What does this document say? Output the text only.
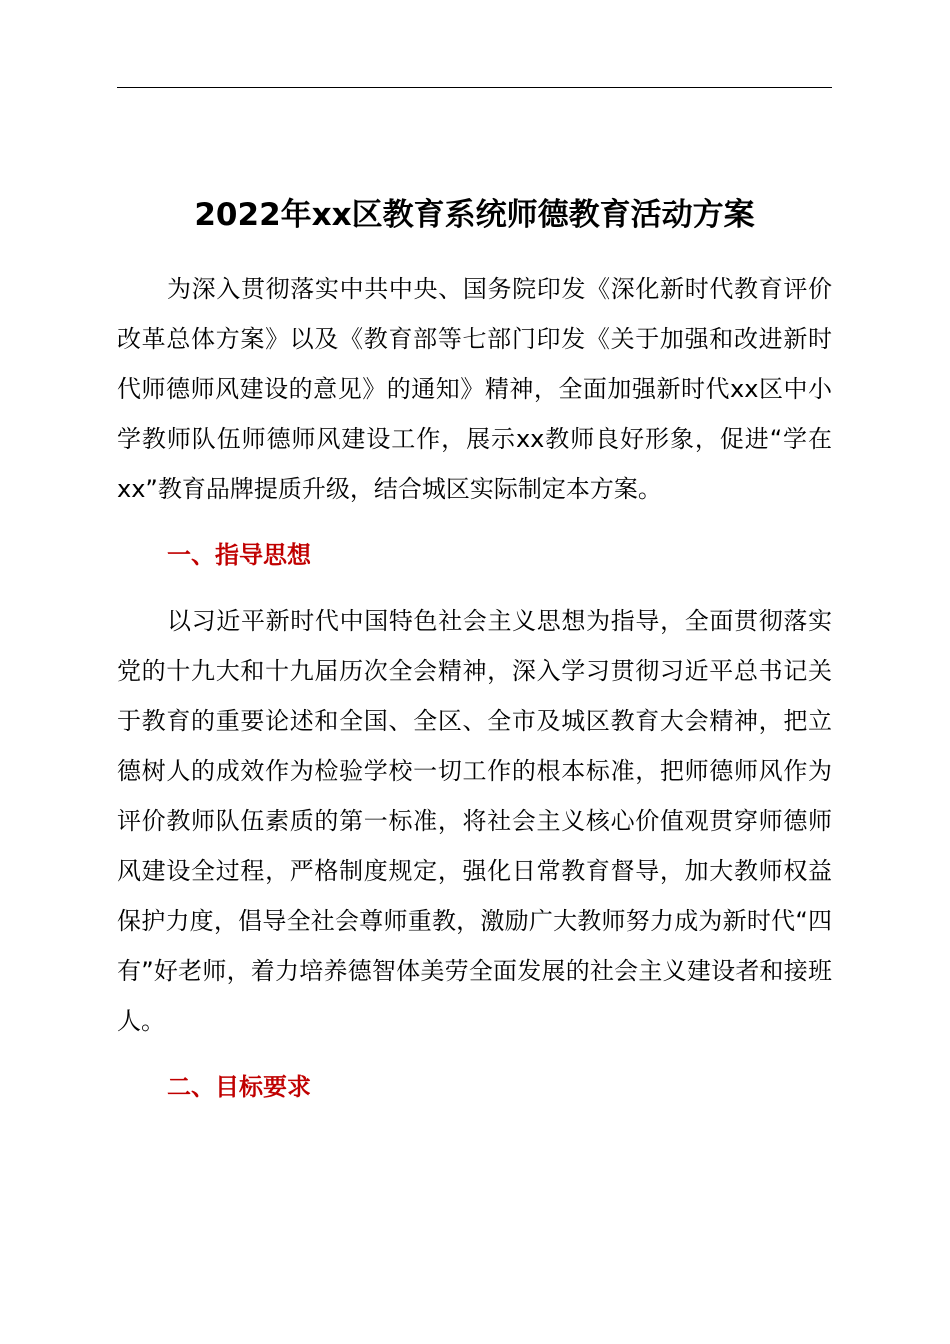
2022年xx区教育系统师德教育活动方案

为深入贯彻落实中共中央、国务院印发《深化新时代教育评价改革总体方案》以及《教育部等七部门印发《关于加强和改进新时代师德师风建设的意见》的通知》精神，全面加强新时代xx区中小学教师队伍师德师风建设工作，展示xx教师良好形象，促进“学在xx”教育品牌提质升级，结合城区实际制定本方案。

一、指导思想

以习近平新时代中国特色社会主义思想为指导，全面贯彻落实党的十九大和十九届历次全会精神，深入学习贯彻习近平总书记关于教育的重要论述和全国、全区、全市及城区教育大会精神，把立德树人的成效作为检验学校一切工作的根本标准，把师德师风作为评价教师队伍素质的第一标准，将社会主义核心价值观贯穿师德师风建设全过程，严格制度规定，强化日常教育督导，加大教师权益保护力度，倡导全社会尊师重教，激励广大教师努力成为新时代“四有”好老师，着力培养德智体美劳全面发展的社会主义建设者和接班人。

二、目标要求
